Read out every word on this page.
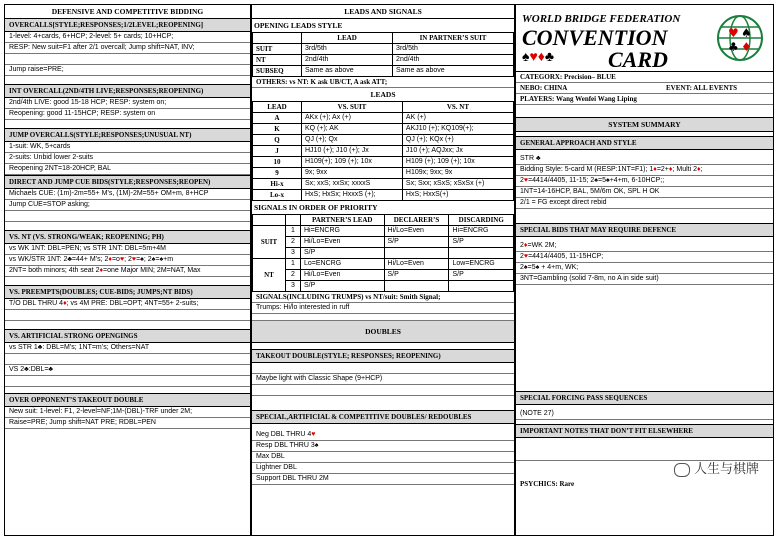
DEFENSIVE AND COMPETITIVE BIDDING
OVERCALLS[STYLE;RESPONSES;1/2LEVEL;REOPENING]
1-level: 4+cards, 6+HCP; 2-level: 5+ cards; 10+HCP;
RESP: New suit=F1 after 2/1 overcall; Jump shift=NAT, INV;
Jump raise=PRE;
INT OVERCALL(2ND/4TH LIVE;RESPONSES;REOPENING)
2nd/4th LIVE: good 15-18 HCP; RESP: system on;
Reopening: good 11-15HCP; RESP: system on
JUMP OVERCALLS(STYLE;RESPONSES;UNUSUAL NT)
1-suit: WK, 5+cards
2-suits: Unbid lower 2-suits
Reopening 2NT=18-20HCP, BAL
DIRECT AND JUMP CUE BIDS(STYLE;RESPONSES;REOPEN)
Michaels CUE: (1m)-2m=55+ M’s, (1M)-2M=55+ OM+m, 8+HCP
Jump CUE=STOP asking;
VS. NT (VS. STRONG/WEAK; REOPENING; PH)
vs WK 1NT: DBL=PEN; vs STR 1NT: DBL=5m+4M
vs WK/STR 1NT: 2♣=44+ M’s; 2♦=o♥; 2♥=♠; 2♠=♠+m
2NT= both minors; 4th seat 2♦=one Major MIN; 2M=NAT, Max
VS. PREEMPTS(DOUBLES; CUE-BIDS; JUMPS;NT BIDS)
T/O DBL THRU 4♦; vs 4M PRE: DBL=OPT; 4NT=55+ 2-suits;
VS. ARTIFICIAL STRONG OPENGINGS
vs STR 1♣: DBL=M’s; 1NT=m’s; Others=NAT
VS 2♣:DBL=♣
OVER OPPONENT’S TAKEOUT DOUBLE
New suit: 1-level: F1, 2-level=NF;1M-(DBL)-TRF under 2M;
Raise=PRE; Jump shift=NAT PRE; RDBL=PEN
LEADS AND SIGNALS
OPENING LEADS STYLE
	LEAD	IN PARTNER’S SUIT
SUIT	3rd/5th	3rd/5th
NT	2nd/4th	2nd/4th
SUBSEQ	Same as above	Same as above
OTHERS: vs NT: K ask UB/CT, A ask ATT;
LEADS
LEAD	VS. SUIT	VS. NT
A	AKx (+); Ax (+)	AK (+)
K	KQ (+); AK	AKJ10 (+); KQ109(+);
Q	QJ (+); Qx	QJ (+); KQx (+)
J	HJ10 (+); J10 (+); Jx	J10 (+); AQJxx; Jx
10	H109(+); 109 (+); 10x	H109 (+); 109 (+); 10x
9	9x; 9xx	H109x; 9xx; 9x
Hi-x	Sx; xxS; xxSx; xxxxS	Sx; Sxx; xSxS; xSxSx (+)
Lo-x	HxS; HxSx; HxxxS (+);	HxS; HxxS(+)
SIGNALS IN ORDER OF PRIORITY
		PARTNER’S LEAD	DECLARER’S	DISCARDING
SUIT	1	Hi=ENCRG	Hi/Lo=Even	Hi=ENCRG
	2	Hi/Lo=Even	S/P	S/P
	3	S/P		
NT	1	Lo=ENCRG	Hi/Lo=Even	Low=ENCRG
	2	Hi/Lo=Even	S/P	S/P
	3	S/P		
SIGNALS(INCLUDING TRUMPS) vs NT/suit: Smith Signal;
Trumps: Hi/lo interested in ruff
DOUBLES
TAKEOUT DOUBLE(STYLE; RESPONSES; REOPENING)
Maybe light with Classic Shape (9+HCP)
SPECIAL,ARTIFICIAL & COMPETITIVE DOUBLES/ REDOUBLES
Neg DBL THRU 4♥
Resp DBL THRU 3♠
Max DBL
Lightner DBL
Support DBL THRU 2M
WORLD BRIDGE FEDERATION
CONVENTION
♠♥♦♣ CARD
♥ ♠
♣ ♦
CATEGORX: Precision– BLUE
NEBO: CHINA	EVENT: ALL EVENTS
PLAYERS: Wang Wenfei Wang Liping
SYSTEM SUMMARY
GENERAL APPROACH AND STYLE
STR ♣
Bidding Style: 5-card M (RESP:1NT=F1); 1♦=2+♦; Multi 2♦;
2♥=4414/4405, 11-15; 2♠=5♠+4+m, 6-10HCP;;
1NT=14-16HCP, BAL, 5M/6m OK, SPL H OK
2/1 = FG except direct rebid
SPECIAL BIDS THAT MAY REQUIRE DEFENCE
2♦=WK 2M;
2♥=4414/4405, 11-15HCP;
2♠=5♠ + 4+m, WK;
3NT=Gambling (solid 7-8m, no A in side suit)
SPECIAL FORCING PASS SEQUENCES
(NOTE 27)
IMPORTANT NOTES THAT DON’T FIT ELSEWHERE
人生与棋牌
PSYCHICS: Rare
